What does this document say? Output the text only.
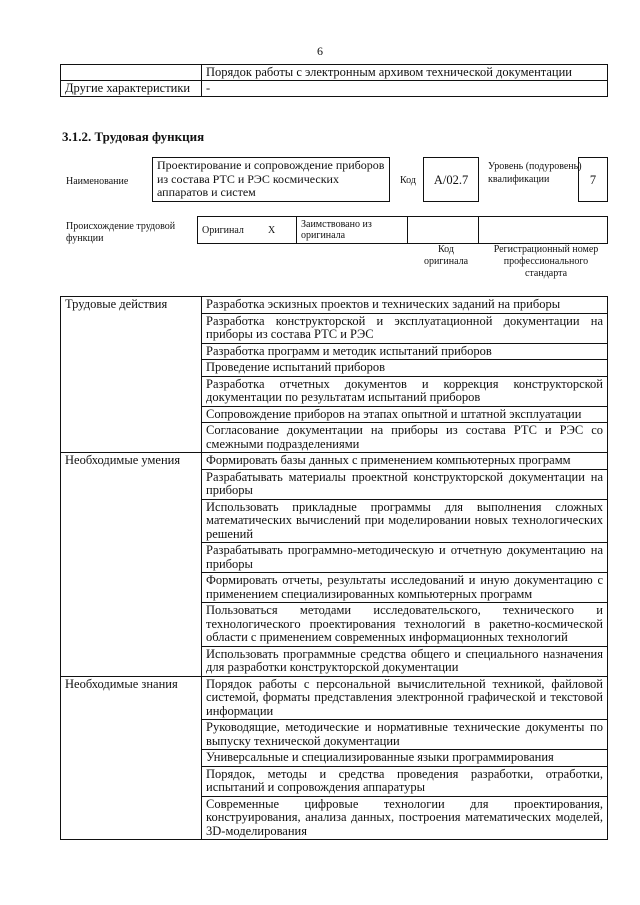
6
	Порядок работы с электронным архивом технической документации
Другие характеристики	-
3.1.2. Трудовая функция
Наименование
Проектирование и сопровождение приборов из состава РТС и РЭС космических аппаратов и систем
Код	A/02.7
Уровень (подуровень) квалификации	7
Происхождение трудовой функции
Оригинал	X	Заимствовано из оригинала		
Код оригинала
Регистрационный номер профессионального стандарта
Трудовые действия	Разработка эскизных проектов и технических заданий на приборы
	Разработка конструкторской и эксплуатационной документации на приборы из состава РТС и РЭС
	Разработка программ и методик испытаний приборов
	Проведение испытаний приборов
	Разработка отчетных документов и коррекция конструкторской документации по результатам испытаний приборов
	Сопровождение приборов на этапах опытной и штатной эксплуатации
	Согласование документации на приборы из состава РТС и РЭС со смежными подразделениями
Необходимые умения	Формировать базы данных с применением компьютерных программ
	Разрабатывать материалы проектной конструкторской документации на приборы
	Использовать прикладные программы для выполнения сложных математических вычислений при моделировании новых технологических решений
	Разрабатывать программно-методическую и отчетную документацию на приборы
	Формировать отчеты, результаты исследований и иную документацию с применением специализированных компьютерных программ
	Пользоваться методами исследовательского, технического и технологического проектирования технологий в ракетно-космической области с применением современных информационных технологий
	Использовать программные средства общего и специального назначения для разработки конструкторской документации
Необходимые знания	Порядок работы с персональной вычислительной техникой, файловой системой, форматы представления электронной графической и текстовой информации
	Руководящие, методические и нормативные технические документы по выпуску технической документации
	Универсальные и специализированные языки программирования
	Порядок, методы и средства проведения разработки, отработки, испытаний и сопровождения аппаратуры
	Современные цифровые технологии для проектирования, конструирования, анализа данных, построения математических моделей, 3D-моделирования
